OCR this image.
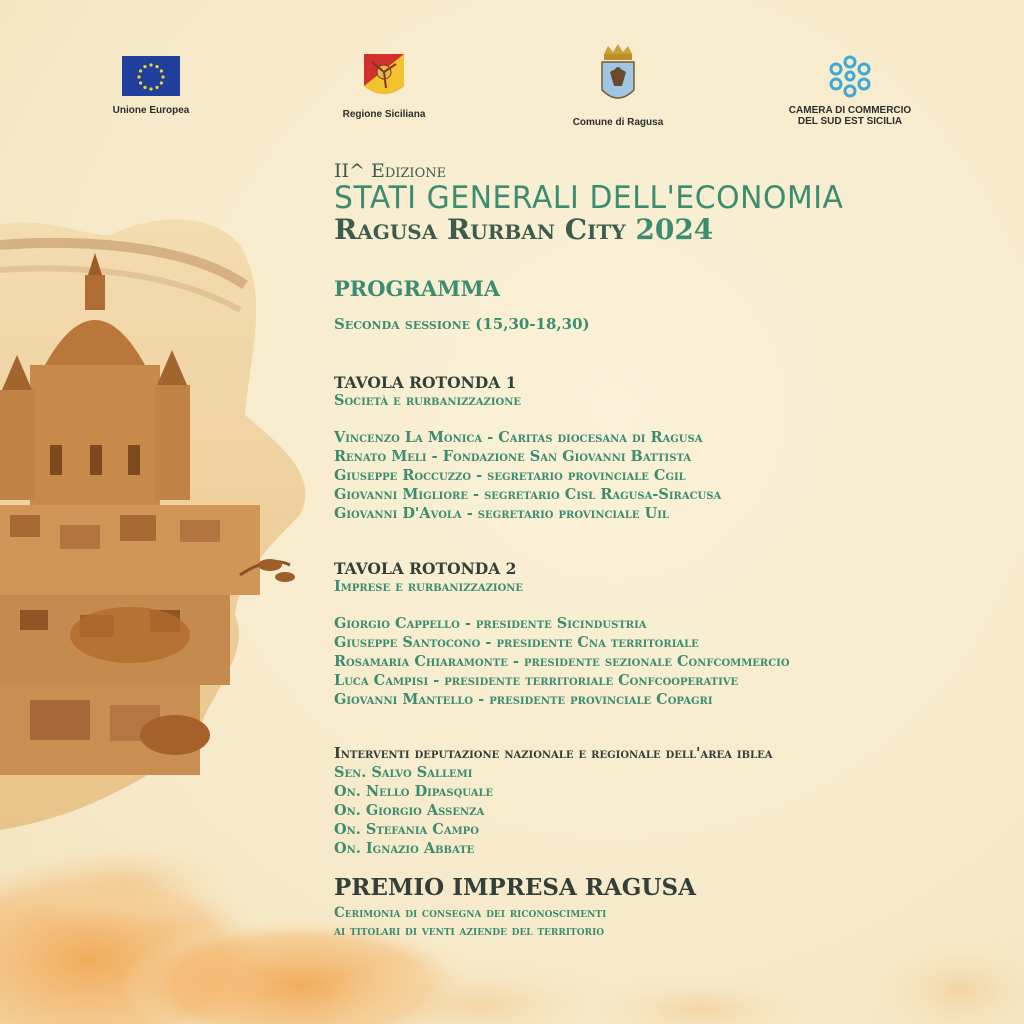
Unione Europea	Regione Siciliana
Comune di Ragusa
CAMERA DI COMMERCIO
DEL SUD EST SICILIA
II^ Edizione
STATI GENERALI DELL'ECONOMIA
Ragusa Rurban City 2024
PROGRAMMA
Seconda sessione (15,30-18,30)
TAVOLA ROTONDA 1
Società e rurbanizzazione
Vincenzo La Monica - Caritas diocesana di Ragusa
Renato Meli - Fondazione San Giovanni Battista
Giuseppe Roccuzzo - segretario provinciale Cgil
Giovanni Migliore - segretario Cisl Ragusa-Siracusa
Giovanni D'Avola - segretario provinciale Uil
TAVOLA ROTONDA 2
Imprese e rurbanizzazione
Giorgio Cappello - presidente Sicindustria
Giuseppe Santocono - presidente Cna territoriale
Rosamaria Chiaramonte - presidente sezionale Confcommercio
Luca Campisi - presidente territoriale Confcooperative
Giovanni Mantello - presidente provinciale Copagri
Interventi deputazione nazionale e regionale dell'area iblea
Sen. Salvo Sallemi
On. Nello Dipasquale
On. Giorgio Assenza
On. Stefania Campo
On. Ignazio Abbate
PREMIO IMPRESA RAGUSA
Cerimonia di consegna dei riconoscimenti
ai titolari di venti aziende del territorio
